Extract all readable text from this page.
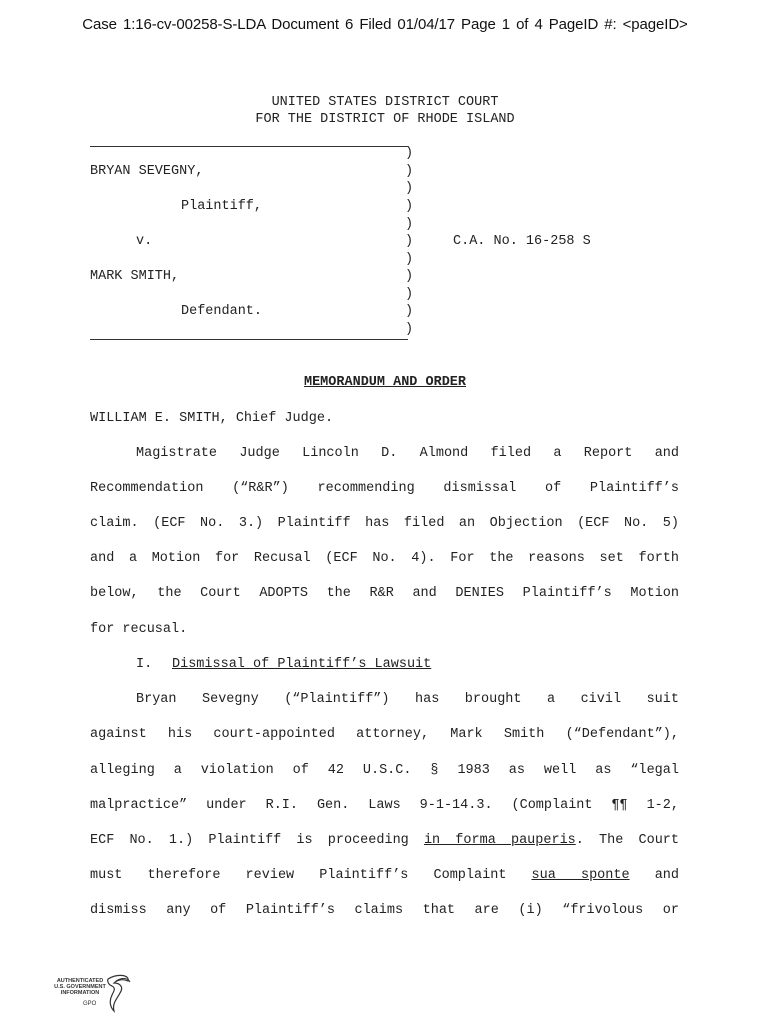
Case 1:16-cv-00258-S-LDA Document 6 Filed 01/04/17 Page 1 of 4 PageID #: <pageID>
UNITED STATES DISTRICT COURT
FOR THE DISTRICT OF RHODE ISLAND
)
BRYAN SEVEGNY,	)
)
Plaintiff,	)
)
v.	)	C.A. No. 16-258 S
)
MARK SMITH,	)
)
Defendant.	)
)
MEMORANDUM AND ORDER
WILLIAM E. SMITH, Chief Judge.
Magistrate Judge Lincoln D. Almond filed a Report and
Recommendation (“R&R”) recommending dismissal of Plaintiff’s
claim. (ECF No. 3.) Plaintiff has filed an Objection (ECF No. 5)
and a Motion for Recusal (ECF No. 4). For the reasons set forth
below, the Court ADOPTS the R&R and DENIES Plaintiff’s Motion
for recusal.
I. Dismissal of Plaintiff’s Lawsuit
Bryan Sevegny (“Plaintiff”) has brought a civil suit
against his court-appointed attorney, Mark Smith (“Defendant”),
alleging a violation of 42 U.S.C. § 1983 as well as “legal
malpractice” under R.I. Gen. Laws 9-1-14.3. (Complaint ¶¶ 1-2,
ECF No. 1.) Plaintiff is proceeding in forma pauperis. The Court
must therefore review Plaintiff’s Complaint sua sponte and
dismiss any of Plaintiff’s claims that are (i) “frivolous or
AUTHENTICATED
U.S. GOVERNMENT
INFORMATION
GPO
